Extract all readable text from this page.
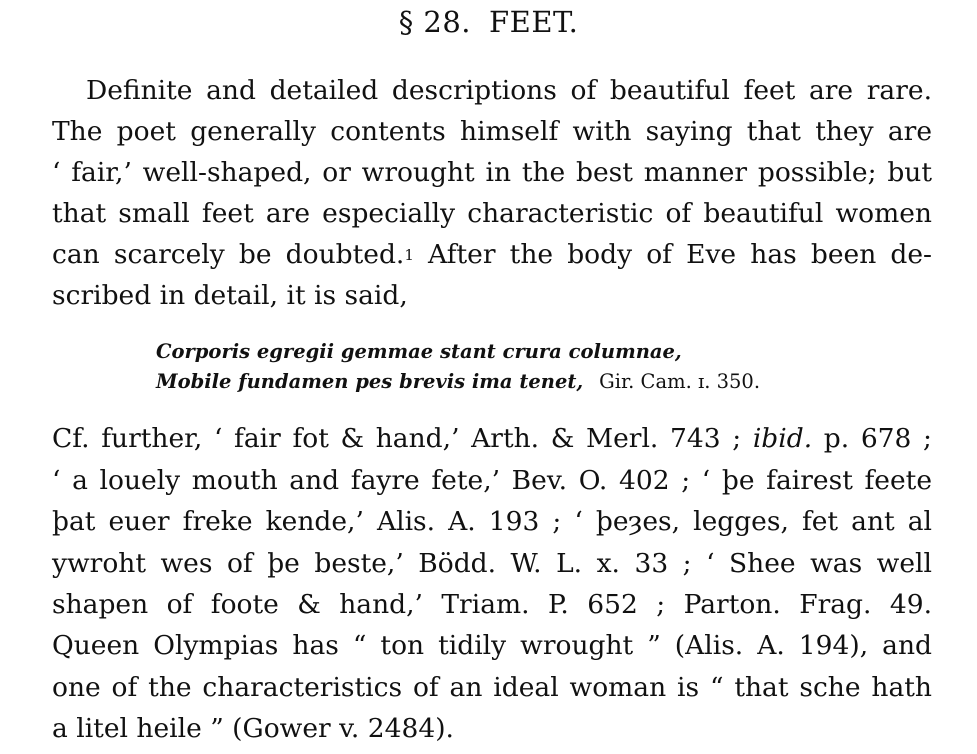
§ 28. FEET.
Definite and detailed descriptions of beautiful feet are rare.
The poet generally contents himself with saying that they are
‘ fair,’ well-shaped, or wrought in the best manner possible; but
that small feet are especially characteristic of beautiful women
can scarcely be doubted.$^1$ After the body of Eve has been de-
scribed in detail, it is said,
Corporis egregii gemmae stant crura columnae,
Mobile fundamen pes brevis ima tenet, Gir. Cam. ɪ. 350.
Cf. further, ‘ fair fot & hand,’ Arth. & Merl. 743 ; ibid. p. 678 ;
‘ a louely mouth and fayre fete,’ Bev. O. 402 ; ‘ þe fairest feete
þat euer freke kende,’ Alis. A. 193 ; ‘ þeȝes, legges, fet ant al
ywroht wes of þe beste,’ Bödd. W. L. x. 33 ; ‘ Shee was well
shapen of foote & hand,’ Triam. P. 652 ; Parton. Frag. 49.
Queen Olympias has “ ton tidily wrought ” (Alis. A. 194), and
one of the characteristics of an ideal woman is “ that sche hath
a litel heile ” (Gower v. 2484).
